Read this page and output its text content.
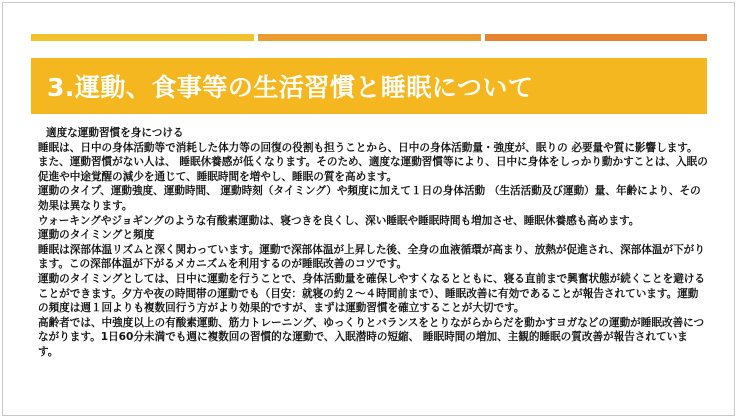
3.運動、食事等の生活習慣と睡眠について

適度な運動習慣を身につける

睡眠は、日中の身体活動等で消耗した体力等の回復の役割も担うことから、日中の身体活動量・強度が、眠りの 必要量や質に影響します。また、運動習慣がない人は、 睡眠休養感が低くなります。そのため、適度な運動習慣等により、日中に身体をしっかり動かすことは、入眠の促進や中途覚醒の減少を通じて、睡眠時間を増やし、睡眠の質を高めます。

運動のタイプ、運動強度、運動時間、 運動時刻（タイミング）や頻度に加えて１日の身体活動 （生活活動及び運動）量、年齢により、その効果は異なります。

ウォーキングやジョギングのような有酸素運動は、寝つきを良くし、深い睡眠や睡眠時間も増加させ、睡眠休養感も高めます。

運動のタイミングと頻度

睡眠は深部体温リズムと深く関わっています。運動で深部体温が上昇した後、全身の血液循環が高まり、放熱が促進され、深部体温が下がります。この深部体温が下がるメカニズムを利用するのが睡眠改善のコツです。

運動のタイミングとしては、日中に運動を行うことで、身体活動量を確保しやすくなるとともに、寝る直前まで興奮状態が続くことを避けることができます。夕方や夜の時間帯の運動でも（目安：就寝の約２～４時間前まで）、睡眠改善に有効であることが報告されています。運動の頻度は週１回よりも複数回行う方がより効果的ですが、まずは運動習慣を確立することが大切です。

高齢者では、中強度以上の有酸素運動、筋力トレーニング、ゆっくりとバランスをとりながらからだを動かすヨガなどの運動が睡眠改善につながります。1日60分未満でも週に複数回の習慣的な運動で、入眠潜時の短縮、 睡眠時間の増加、主観的睡眠の質改善が報告されています。
